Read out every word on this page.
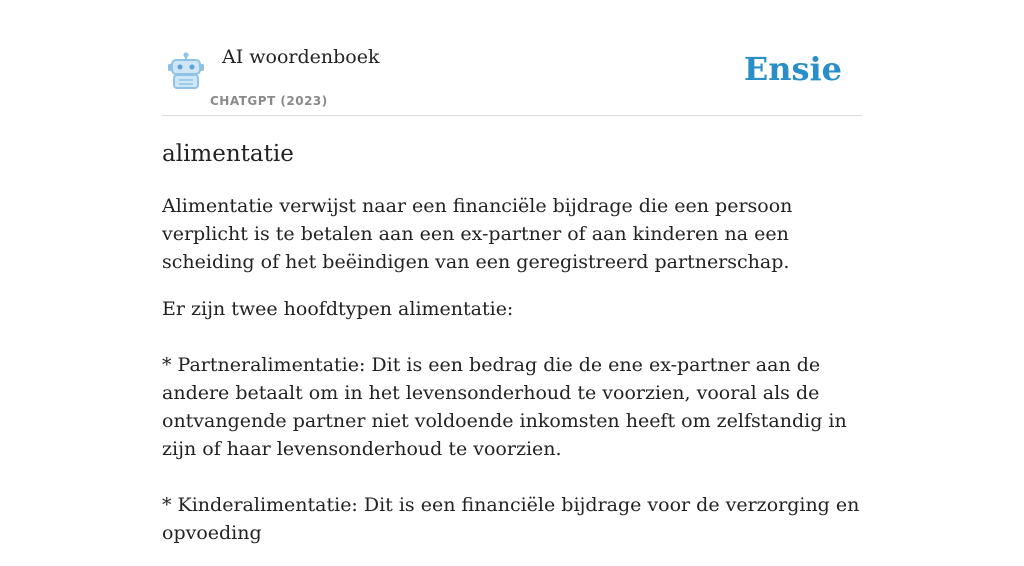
AI woordenboek
CHATGPT (2023)
Ensie
alimentatie

Alimentatie verwijst naar een financiële bijdrage die een persoon verplicht is te betalen aan een ex-partner of aan kinderen na een scheiding of het beëindigen van een geregistreerd partnerschap.

Er zijn twee hoofdtypen alimentatie:

* Partneralimentatie: Dit is een bedrag die de ene ex-partner aan de andere betaalt om in het levensonderhoud te voorzien, vooral als de ontvangende partner niet voldoende inkomsten heeft om zelfstandig in zijn of haar levensonderhoud te voorzien.

* Kinderalimentatie: Dit is een financiële bijdrage voor de verzorging en opvoeding
